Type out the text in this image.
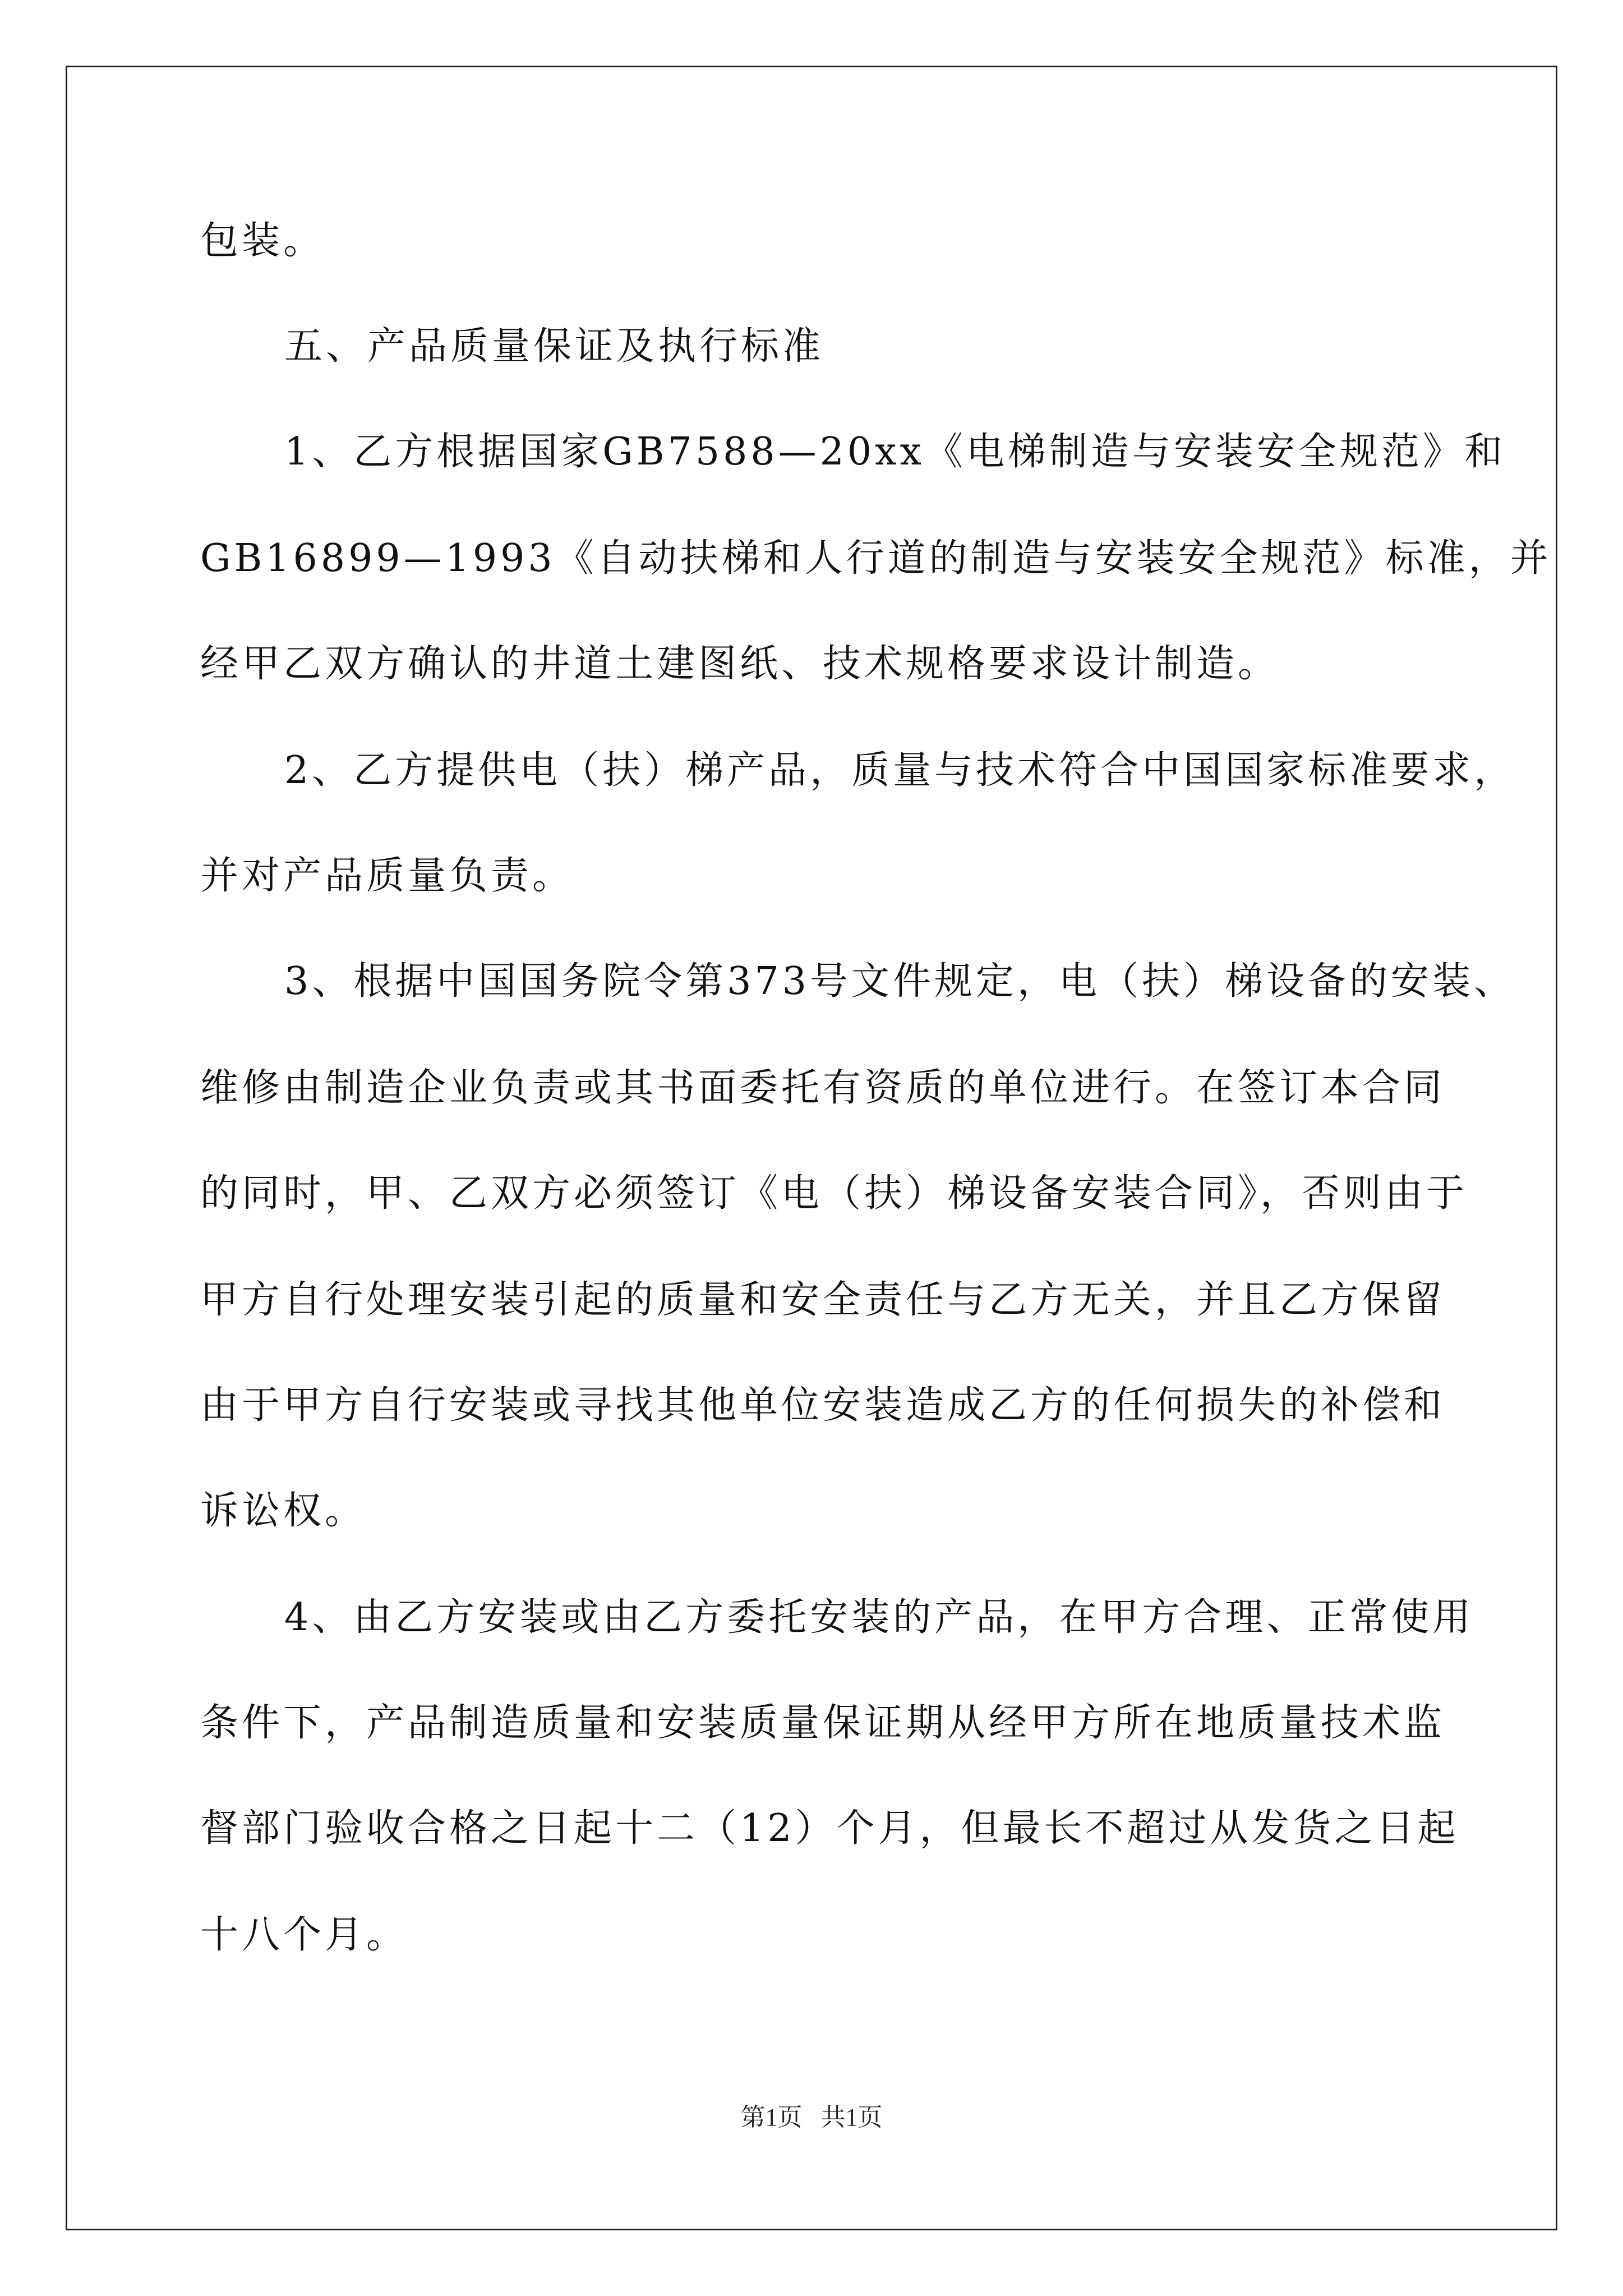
包装。
五、产品质量保证及执行标准
1、乙方根据国家GB7588—20xx《电梯制造与安装安全规范》和
GB16899—1993《自动扶梯和人行道的制造与安装安全规范》标准，并
经甲乙双方确认的井道土建图纸、技术规格要求设计制造。
2、乙方提供电（扶）梯产品，质量与技术符合中国国家标准要求，
并对产品质量负责。
3、根据中国国务院令第373号文件规定，电（扶）梯设备的安装、
维修由制造企业负责或其书面委托有资质的单位进行。在签订本合同
的同时，甲、乙双方必须签订《电（扶）梯设备安装合同》，否则由于
甲方自行处理安装引起的质量和安全责任与乙方无关，并且乙方保留
由于甲方自行安装或寻找其他单位安装造成乙方的任何损失的补偿和
诉讼权。
4、由乙方安装或由乙方委托安装的产品，在甲方合理、正常使用
条件下，产品制造质量和安装质量保证期从经甲方所在地质量技术监
督部门验收合格之日起十二（12）个月，但最长不超过从发货之日起
十八个月。
第1页   共1页
